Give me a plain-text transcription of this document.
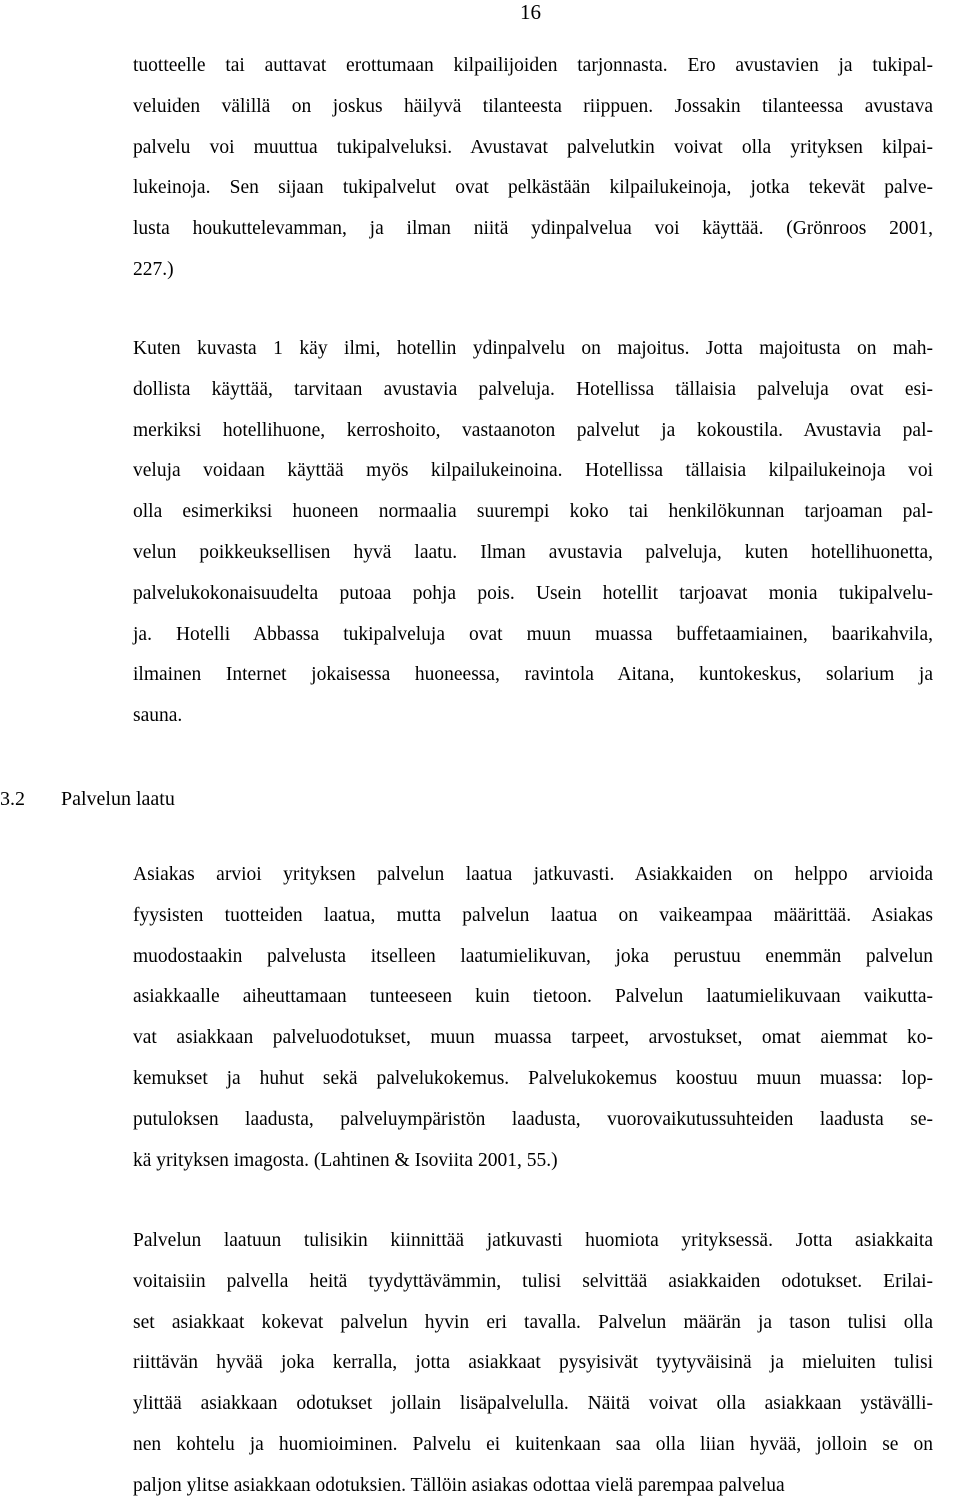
16

tuotteelle tai auttavat erottumaan kilpailijoiden tarjonnasta. Ero avustavien ja tukipal-
veluiden välillä on joskus häilyvä tilanteesta riippuen. Jossakin tilanteessa avustava
palvelu voi muuttua tukipalveluksi. Avustavat palvelutkin voivat olla yrityksen kilpai-
lukeinoja. Sen sijaan tukipalvelut ovat pelkästään kilpailukeinoja, jotka tekevät palve-
lusta houkuttelevamman, ja ilman niitä ydinpalvelua voi käyttää. (Grönroos 2001,
227.)

Kuten kuvasta 1 käy ilmi, hotellin ydinpalvelu on majoitus. Jotta majoitusta on mah-
dollista käyttää, tarvitaan avustavia palveluja. Hotellissa tällaisia palveluja ovat esi-
merkiksi hotellihuone, kerroshoito, vastaanoton palvelut ja kokoustila. Avustavia pal-
veluja voidaan käyttää myös kilpailukeinoina. Hotellissa tällaisia kilpailukeinoja voi
olla esimerkiksi huoneen normaalia suurempi koko tai henkilökunnan tarjoaman pal-
velun poikkeuksellisen hyvä laatu. Ilman avustavia palveluja, kuten hotellihuonetta,
palvelukokonaisuudelta putoaa pohja pois. Usein hotellit tarjoavat monia tukipalvelu-
ja. Hotelli Abbassa tukipalveluja ovat muun muassa buffetaamiainen, baarikahvila,
ilmainen Internet jokaisessa huoneessa, ravintola Aitana, kuntokeskus, solarium ja
sauna.

3.2 Palvelun laatu

Asiakas arvioi yrityksen palvelun laatua jatkuvasti. Asiakkaiden on helppo arvioida
fyysisten tuotteiden laatua, mutta palvelun laatua on vaikeampaa määrittää. Asiakas
muodostaakin palvelusta itselleen laatumielikuvan, joka perustuu enemmän palvelun
asiakkaalle aiheuttamaan tunteeseen kuin tietoon. Palvelun laatumielikuvaan vaikutta-
vat asiakkaan palveluodotukset, muun muassa tarpeet, arvostukset, omat aiemmat ko-
kemukset ja huhut sekä palvelukokemus. Palvelukokemus koostuu muun muassa: lop-
putuloksen laadusta, palveluympäristön laadusta, vuorovaikutussuhteiden laadusta se-
kä yrityksen imagosta. (Lahtinen & Isoviita 2001, 55.)

Palvelun laatuun tulisikin kiinnittää jatkuvasti huomiota yrityksessä. Jotta asiakkaita
voitaisiin palvella heitä tyydyttävämmin, tulisi selvittää asiakkaiden odotukset. Erilai-
set asiakkaat kokevat palvelun hyvin eri tavalla. Palvelun määrän ja tason tulisi olla
riittävän hyvää joka kerralla, jotta asiakkaat pysyisivät tyytyväisinä ja mieluiten tulisi
ylittää asiakkaan odotukset jollain lisäpalvelulla. Näitä voivat olla asiakkaan ystävälli-
nen kohtelu ja huomioiminen. Palvelu ei kuitenkaan saa olla liian hyvää, jolloin se on
paljon ylitse asiakkaan odotuksien. Tällöin asiakas odottaa vielä parempaa palvelua
